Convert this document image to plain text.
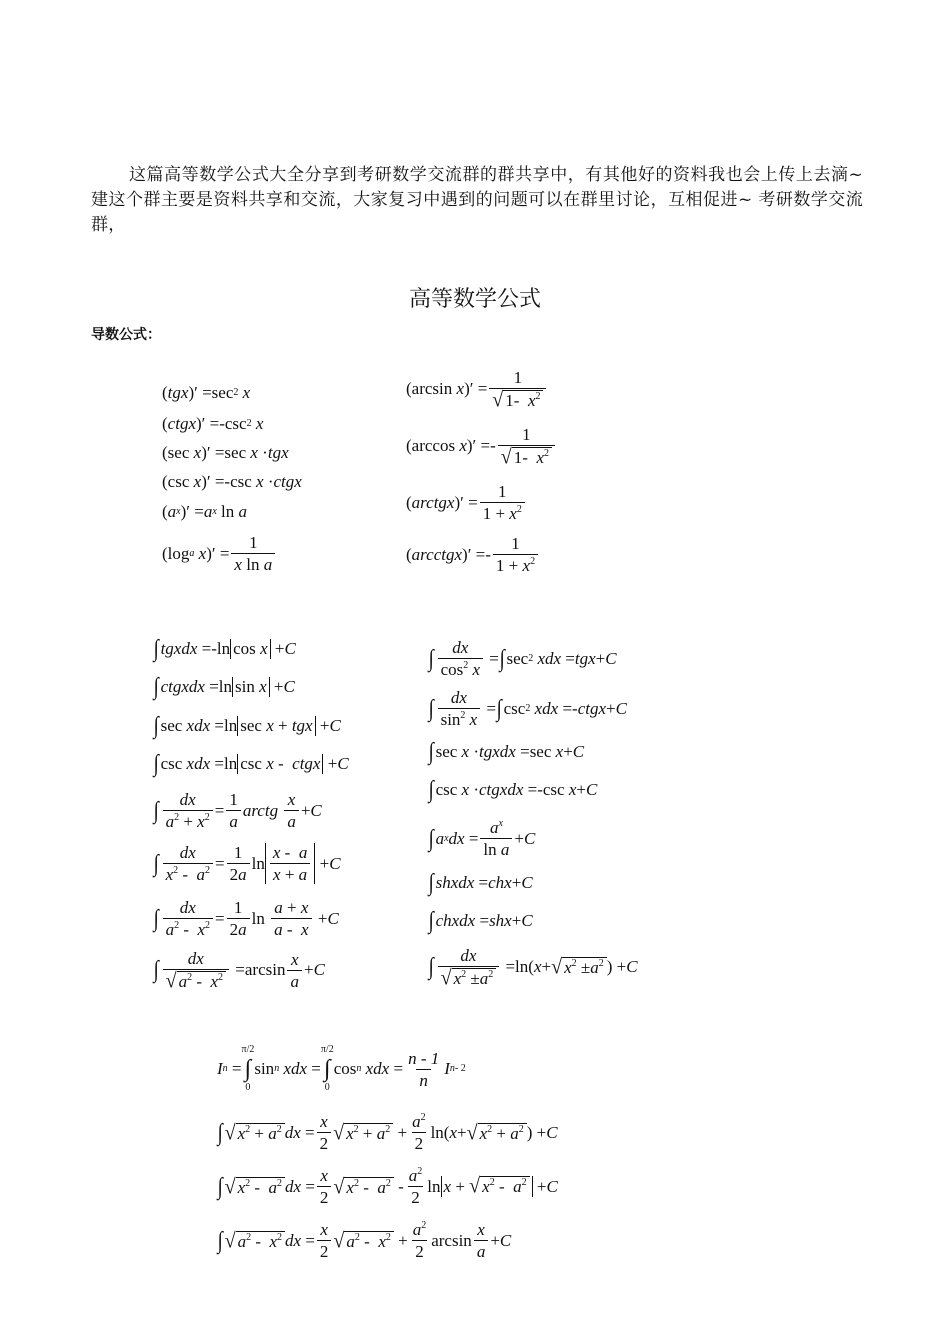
这篇高等数学公式大全分享到考研数学交流群的群共享中，有其他好的资料我也会上传上去滴~建这个群主要是资料共享和交流，大家复习中遇到的问题可以在群里讨论，互相促进~ 考研数学交流群，

高等数学公式
导数公式：
( tgx )′ = sec 2
x
( ctgx )′ =- csc 2
x
( sec
x )′ = sec
x · tgx
( csc
x )′ =- csc
x · ctgx
( a x )′ = a x
ln
a
( log a
x )′ = $\frac{1}{\text{x ln a}}$
( arcsin
x )′ = $\frac{1}{√ 1- x^2}$
( arccos
x )′ =- $\frac{1}{√ 1- x^2}$
( arctgx )′ = $\frac{1}{1 + x^2}$
( arcctgx )′ =- $\frac{1}{1 + x^2}$
∫ tgxdx =- ln cos x + C
∫ ctgxdx = ln sin x + C
∫ sec
xdx = ln sec x + tgx + C
∫ csc
xdx = ln csc x -  ctgx + C
∫ $\frac{dx}{a^2 + x^2} = \frac{1}{a}$ arctg
$\frac{x}{a} + C$
∫ $\frac{dx}{x^2 - a^2} = \frac{1}{2a}$ $\ln \frac{x - a}{x + a} + C$
∫ $\frac{dx}{a^2 - x^2} = \frac{1}{2a}$ ln
$\frac{a + x}{a - x} + C$
∫ $\frac{dx}{√ a^2 - x^2} = \arcsin \frac{x}{a} + C$
∫ $\frac{dx}{\cos^2 x}$ = ∫ sec 2
xdx = tgx + C
∫ $\frac{dx}{\sin^2 x}$ = ∫ csc 2
xdx =- ctgx + C
∫ sec
x · tgxdx = sec
x + C
∫ csc
x · ctgxdx =- csc
x + C
∫ a x dx = $\frac{a^x}{\text{ln a}} + C$
∫ shxdx = chx + C
∫ chxdx = shx + C
∫ $\frac{dx}{√ x^2 \pm a^2} = \ln$ ( x + √ $x^2 \pm a^2$ ) + C
I n =
π/2
∫
0
sin n
xdx =
π/2
∫
0
cos n
xdx = $\frac{n - 1}{n}$ I n- 2
∫ √ $x^2 + a^2$ dx = $\frac{x}{2}$ √ $x^2 + a^2 + \frac{a^2}{2}$ ln ( x + √ $x^2 + a^2$ ) + C
∫ √ $x^2 - a^2$ dx = $\frac{x}{2}$ √ $x^2 - a^2 - \frac{a^2}{2}$ ln x + √ $x^2 - a^2 + C$
∫ √ $a^2 - x^2$ dx = $\frac{x}{2}$ √ $a^2 - x^2 + \frac{a^2}{2}$ $\arcsin \frac{x}{a} + C$
